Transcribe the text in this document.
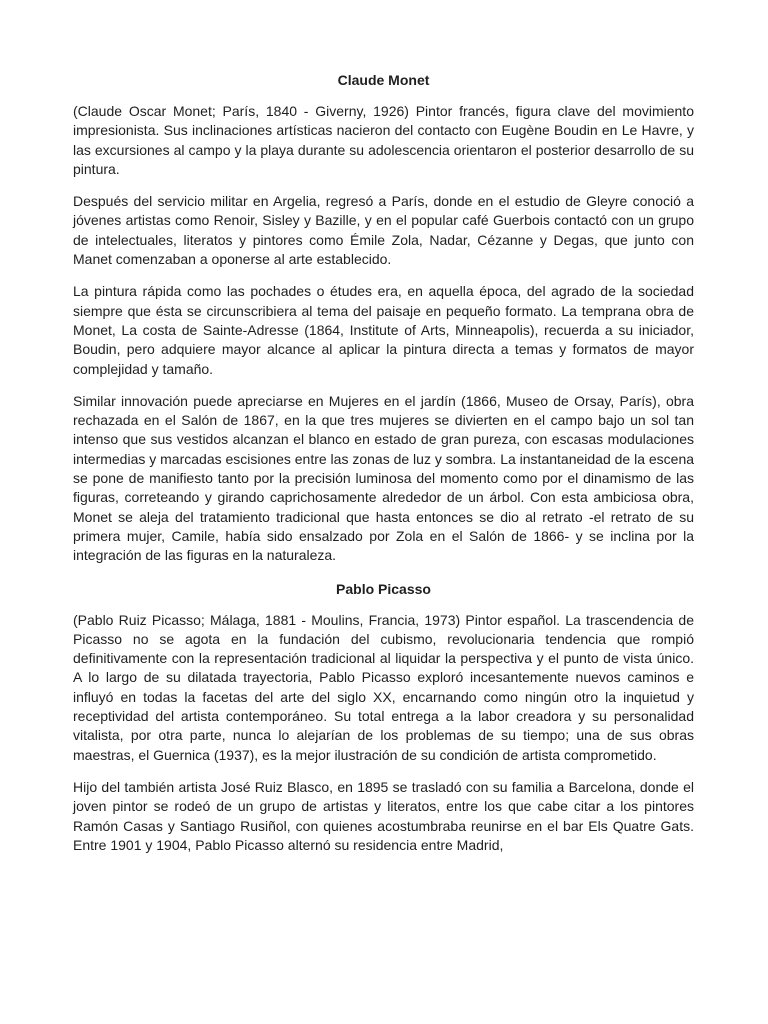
Claude Monet

(Claude Oscar Monet; París, 1840 - Giverny, 1926) Pintor francés, figura clave del movimiento impresionista. Sus inclinaciones artísticas nacieron del contacto con Eugène Boudin en Le Havre, y las excursiones al campo y la playa durante su adolescencia orientaron el posterior desarrollo de su pintura.

Después del servicio militar en Argelia, regresó a París, donde en el estudio de Gleyre conoció a jóvenes artistas como Renoir, Sisley y Bazille, y en el popular café Guerbois contactó con un grupo de intelectuales, literatos y pintores como Émile Zola, Nadar, Cézanne y Degas, que junto con Manet comenzaban a oponerse al arte establecido.

La pintura rápida como las pochades o études era, en aquella época, del agrado de la sociedad siempre que ésta se circunscribiera al tema del paisaje en pequeño formato. La temprana obra de Monet, La costa de Sainte-Adresse (1864, Institute of Arts, Minneapolis), recuerda a su iniciador, Boudin, pero adquiere mayor alcance al aplicar la pintura directa a temas y formatos de mayor complejidad y tamaño.

Similar innovación puede apreciarse en Mujeres en el jardín (1866, Museo de Orsay, París), obra rechazada en el Salón de 1867, en la que tres mujeres se divierten en el campo bajo un sol tan intenso que sus vestidos alcanzan el blanco en estado de gran pureza, con escasas modulaciones intermedias y marcadas escisiones entre las zonas de luz y sombra. La instantaneidad de la escena se pone de manifiesto tanto por la precisión luminosa del momento como por el dinamismo de las figuras, correteando y girando caprichosamente alrededor de un árbol. Con esta ambiciosa obra, Monet se aleja del tratamiento tradicional que hasta entonces se dio al retrato -el retrato de su primera mujer, Camile, había sido ensalzado por Zola en el Salón de 1866- y se inclina por la integración de las figuras en la naturaleza.

Pablo Picasso

(Pablo Ruiz Picasso; Málaga, 1881 - Moulins, Francia, 1973) Pintor español. La trascendencia de Picasso no se agota en la fundación del cubismo, revolucionaria tendencia que rompió definitivamente con la representación tradicional al liquidar la perspectiva y el punto de vista único. A lo largo de su dilatada trayectoria, Pablo Picasso exploró incesantemente nuevos caminos e influyó en todas la facetas del arte del siglo XX, encarnando como ningún otro la inquietud y receptividad del artista contemporáneo. Su total entrega a la labor creadora y su personalidad vitalista, por otra parte, nunca lo alejarían de los problemas de su tiempo; una de sus obras maestras, el Guernica (1937), es la mejor ilustración de su condición de artista comprometido.

Hijo del también artista José Ruiz Blasco, en 1895 se trasladó con su familia a Barcelona, donde el joven pintor se rodeó de un grupo de artistas y literatos, entre los que cabe citar a los pintores Ramón Casas y Santiago Rusiñol, con quienes acostumbraba reunirse en el bar Els Quatre Gats. Entre 1901 y 1904, Pablo Picasso alternó su residencia entre Madrid,
